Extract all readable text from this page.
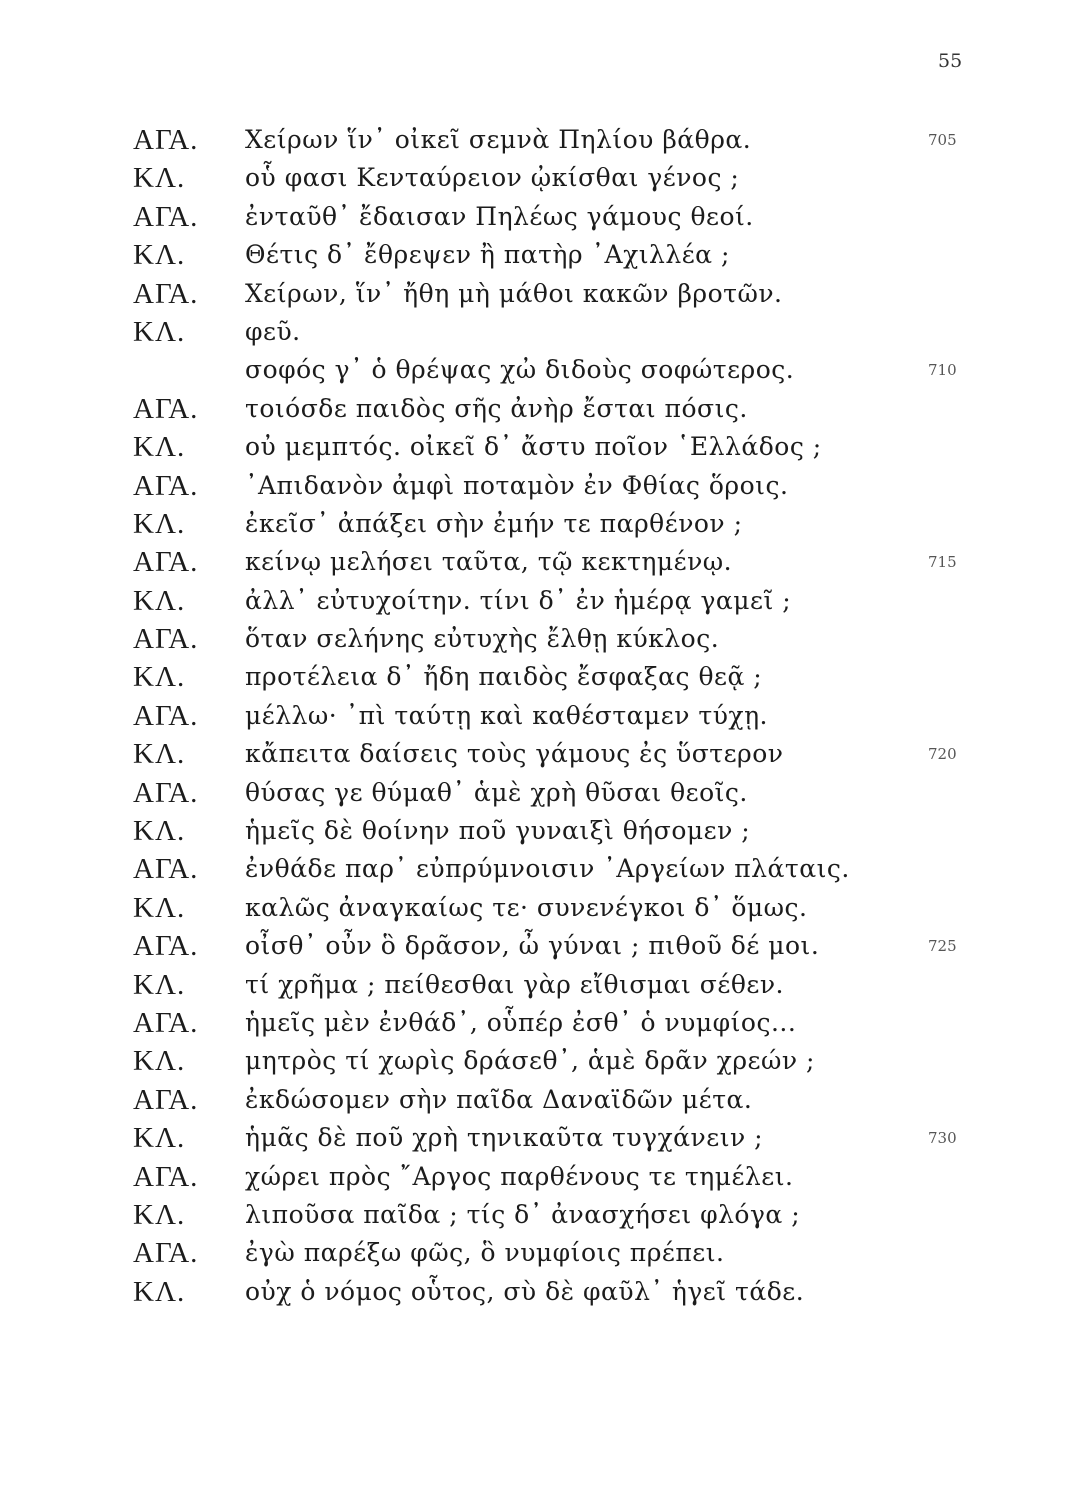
55
ΑΓΑ. Χείρων ἵν᾽ οἰκεῖ σεμνὰ Πηλίου βάθρα.	705
ΚΛ. οὗ φασι Κενταύρειον ᾠκίσθαι γένος ;
ΑΓΑ. ἐνταῦθ᾽ ἔδαισαν Πηλέως γάμους θεοί.
ΚΛ. Θέτις δ᾽ ἔθρεψεν ἢ πατὴρ ᾿Αχιλλέα ;
ΑΓΑ. Χείρων, ἵν᾽ ἤθη μὴ μάθοι κακῶν βροτῶν.
ΚΛ. φεῦ.
σοφός γ᾽ ὁ θρέψας χὠ διδοὺς σοφώτερος.	710
ΑΓΑ. τοιόσδε παιδὸς σῆς ἀνὴρ ἔσται πόσις.
ΚΛ. οὐ μεμπτός. οἰκεῖ δ᾽ ἄστυ ποῖον ῾Ελλάδος ;
ΑΓΑ. ᾿Απιδανὸν ἀμφὶ ποταμὸν ἐν Φθίας ὅροις.
ΚΛ. ἐκεῖσ᾽ ἀπάξει σὴν ἐμήν τε παρθένον ;
ΑΓΑ. κείνῳ μελήσει ταῦτα, τῷ κεκτημένῳ.	715
ΚΛ. ἀλλ᾽ εὐτυχοίτην. τίνι δ᾽ ἐν ἡμέρᾳ γαμεῖ ;
ΑΓΑ. ὅταν σελήνης εὐτυχὴς ἔλθῃ κύκλος.
ΚΛ. προτέλεια δ᾽ ἤδη παιδὸς ἔσφαξας θεᾷ ;
ΑΓΑ. μέλλω· ᾿πὶ ταύτῃ καὶ καθέσταμεν τύχῃ.
ΚΛ. κἄπειτα δαίσεις τοὺς γάμους ἐς ὕστερον	720
ΑΓΑ. θύσας γε θύμαθ᾽ ἁμὲ χρὴ θῦσαι θεοῖς.
ΚΛ. ἡμεῖς δὲ θοίνην ποῦ γυναιξὶ θήσομεν ;
ΑΓΑ. ἐνθάδε παρ᾽ εὐπρύμνοισιν ᾿Αργείων πλάταις.
ΚΛ. καλῶς ἀναγκαίως τε· συνενέγκοι δ᾽ ὅμως.
ΑΓΑ. οἶσθ᾽ οὖν ὃ δρᾶσον, ὦ γύναι ; πιθοῦ δέ μοι.	725
ΚΛ. τί χρῆμα ; πείθεσθαι γὰρ εἴθισμαι σέθεν.
ΑΓΑ. ἡμεῖς μὲν ἐνθάδ᾽, οὗπέρ ἐσθ᾽ ὁ νυμφίος...
ΚΛ. μητρὸς τί χωρὶς δράσεθ᾽, ἁμὲ δρᾶν χρεών ;
ΑΓΑ. ἐκδώσομεν σὴν παῖδα Δαναϊδῶν μέτα.
ΚΛ. ἡμᾶς δὲ ποῦ χρὴ τηνικαῦτα τυγχάνειν ;	730
ΑΓΑ. χώρει πρὸς ῎Αργος παρθένους τε τημέλει.
ΚΛ. λιποῦσα παῖδα ; τίς δ᾽ ἀνασχήσει φλόγα ;
ΑΓΑ. ἐγὼ παρέξω φῶς, ὃ νυμφίοις πρέπει.
ΚΛ. οὐχ ὁ νόμος οὗτος, σὺ δὲ φαῦλ᾽ ἡγεῖ τάδε.
